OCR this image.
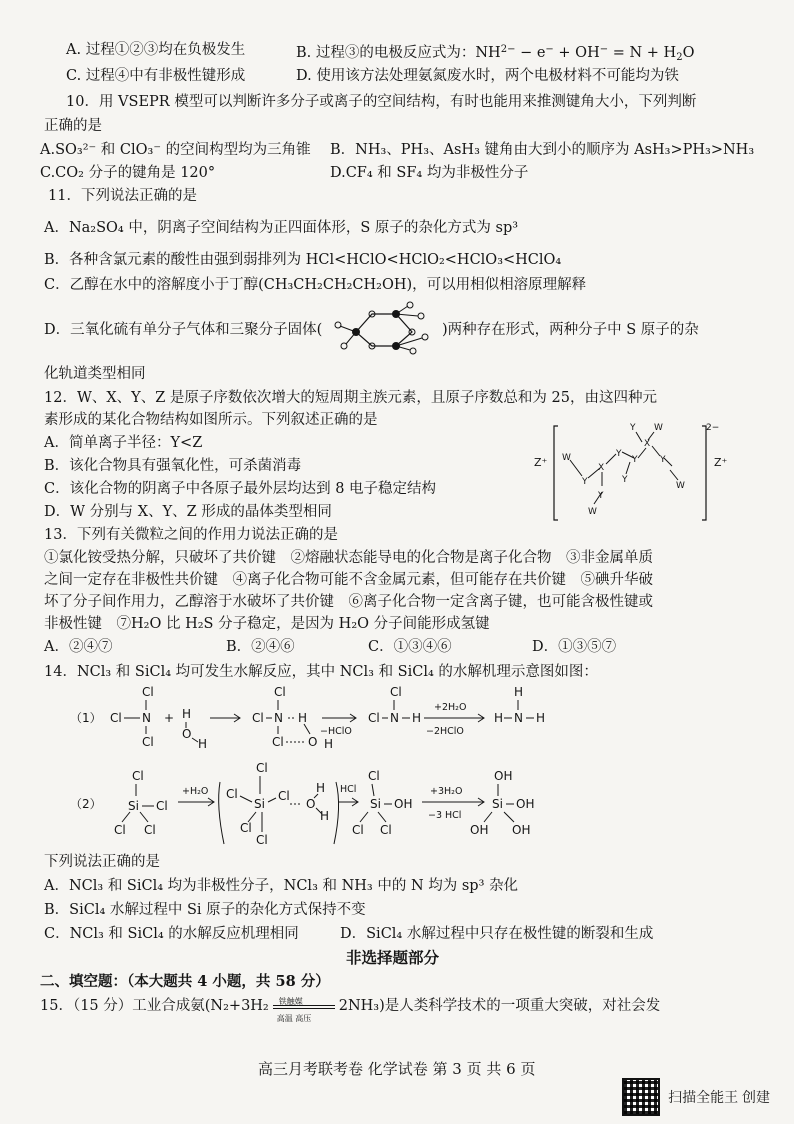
A. 过程①②③均在负极发生	B. 过程③的电极反应式为：$NH^{2-} - e^- + OH^- = N + H_2O$
C. 过程④中有非极性键形成	D. 使用该方法处理氨氮废水时，两个电极材料不可能均为铁
10．用 VSEPR 模型可以判断许多分子或离子的空间结构，有时也能用来推测键角大小，下列判断
正确的是
A.SO₃²⁻ 和 ClO₃⁻ 的空间构型均为三角锥 B．NH₃、PH₃、AsH₃ 键角由大到小的顺序为 AsH₃>PH₃>NH₃
C.CO₂ 分子的键角是 120°	D.CF₄ 和 SF₄ 均为非极性分子
11．下列说法正确的是
A．Na₂SO₄ 中，阴离子空间结构为正四面体形，S 原子的杂化方式为 sp³
B．各种含氯元素的酸性由强到弱排列为 HCl<HClO<HClO₂<HClO₃<HClO₄
C．乙醇在水中的溶解度小于丁醇(CH₃CH₂CH₂CH₂OH)，可以用相似相溶原理解释
D．三氧化硫有单分子气体和三聚分子固体(	)两种存在形式，两种分子中 S 原子的杂
化轨道类型相同
12．W、X、Y、Z 是原子序数依次增大的短周期主族元素，且原子序数总和为 25，由这四种元
素形成的某化合物结构如图所示。下列叙述正确的是
A．简单离子半径：Y<Z
B．该化合物具有强氧化性，可杀菌消毒
C．该化合物的阴离子中各原子最外层均达到 8 电子稳定结构
D．W 分别与 X、Y、Z 形成的晶体类型相同
Z⁺	Z⁺
2−
W
Y
X
Y
Y
X
W
Y
Y
Y
Y
W
W
13．下列有关微粒之间的作用力说法正确的是
①氯化铵受热分解，只破坏了共价键　②熔融状态能导电的化合物是离子化合物　③非金属单质
之间一定存在非极性共价键　④离子化合物可能不含金属元素，但可能存在共价键　⑤碘升华破
坏了分子间作用力，乙醇溶于水破坏了共价键　⑥离子化合物一定含离子键，也可能含极性键或
非极性键　⑦H₂O 比 H₂S 分子稳定，是因为 H₂O 分子间能形成氢键
A．②④⑦	B．②④⑥	C．①③④⑥	D．①③⑤⑦
14．NCl₃ 和 SiCl₄ 均可发生水解反应，其中 NCl₃ 和 SiCl₄ 的水解机理示意图如图：
（1）
Cl
Cl N
Cl
+ H
O
H
Cl N
Cl
Cl
H
O H
Cl N
Cl
H	H N
H
H
−HClO
+2H₂O
−2HClO
（2）
Cl
Si Cl
Cl Cl
Cl
Cl
Si
Cl
Cl
Cl
O
H
H
Cl
Si OH
Cl Cl
OH
Si OH
OH OH
+H₂O	HCl	+3H₂O
−3 HCl
下列说法正确的是
A．NCl₃ 和 SiCl₄ 均为非极性分子，NCl₃ 和 NH₃ 中的 N 均为 sp³ 杂化
B．SiCl₄ 水解过程中 Si 原子的杂化方式保持不变
C．NCl₃ 和 SiCl₄ 的水解反应机理相同	D．SiCl₄ 水解过程中只存在极性键的断裂和生成
非选择题部分
二、填空题：（本大题共 4 小题，共 58 分）
15．（15 分）工业合成氨(N₂+3H₂ 铁触媒
高温 高压
2NH₃)是人类科学技术的一项重大突破，对社会发
高三月考联考卷 化学试卷 第 3 页 共 6 页
扫描全能王 创建
